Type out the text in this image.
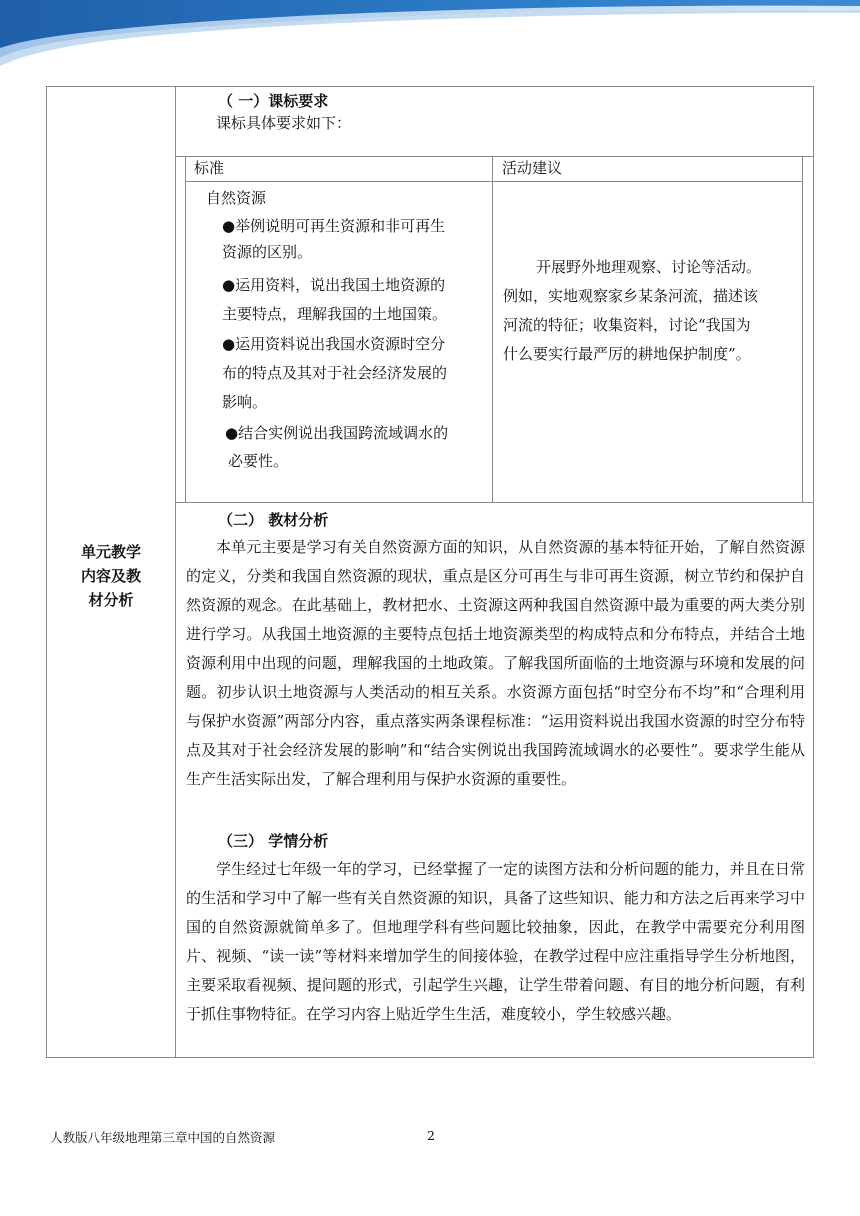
单元教学
内容及教
材分析
（ 一）课标要求
课标具体要求如下：
标准	活动建议
自然资源
●举例说明可再生资源和非可再生
资源的区别。
●运用资料，说出我国土地资源的
主要特点，理解我国的土地国策。
●运用资料说出我国水资源时空分
布的特点及其对于社会经济发展的
影响。
●结合实例说出我国跨流域调水的
必要性。
开展野外地理观察、讨论等活动。
例如，实地观察家乡某条河流，描述该
河流的特征；收集资料，讨论“我国为
什么要实行最严厉的耕地保护制度”。
（二） 教材分析

本单元主要是学习有关自然资源方面的知识，从自然资源的基本特征开始，了解自然资源的定义，分类和我国自然资源的现状，重点是区分可再生与非可再生资源，树立节约和保护自然资源的观念。在此基础上，教材把水、土资源这两种我国自然资源中最为重要的两大类分别进行学习。从我国土地资源的主要特点包括土地资源类型的构成特点和分布特点，并结合土地资源利用中出现的问题，理解我国的土地政策。了解我国所面临的土地资源与环境和发展的问题。初步认识土地资源与人类活动的相互关系。水资源方面包括“时空分布不均”和“合理利用与保护水资源”两部分内容，重点落实两条课程标准：“运用资料说出我国水资源的时空分布特点及其对于社会经济发展的影响”和“结合实例说出我国跨流域调水的必要性”。要求学生能从生产生活实际出发，了解合理利用与保护水资源的重要性。

（三） 学情分析

学生经过七年级一年的学习，已经掌握了一定的读图方法和分析问题的能力，并且在日常的生活和学习中了解一些有关自然资源的知识，具备了这些知识、能力和方法之后再来学习中国的自然资源就简单多了。但地理学科有些问题比较抽象，因此，在教学中需要充分利用图片、视频、“读一读”等材料来增加学生的间接体验，在教学过程中应注重指导学生分析地图，主要采取看视频、提问题的形式，引起学生兴趣，让学生带着问题、有目的地分析问题，有利于抓住事物特征。在学习内容上贴近学生生活，难度较小，学生较感兴趣。

人教版八年级地理第三章中国的自然资源	2
